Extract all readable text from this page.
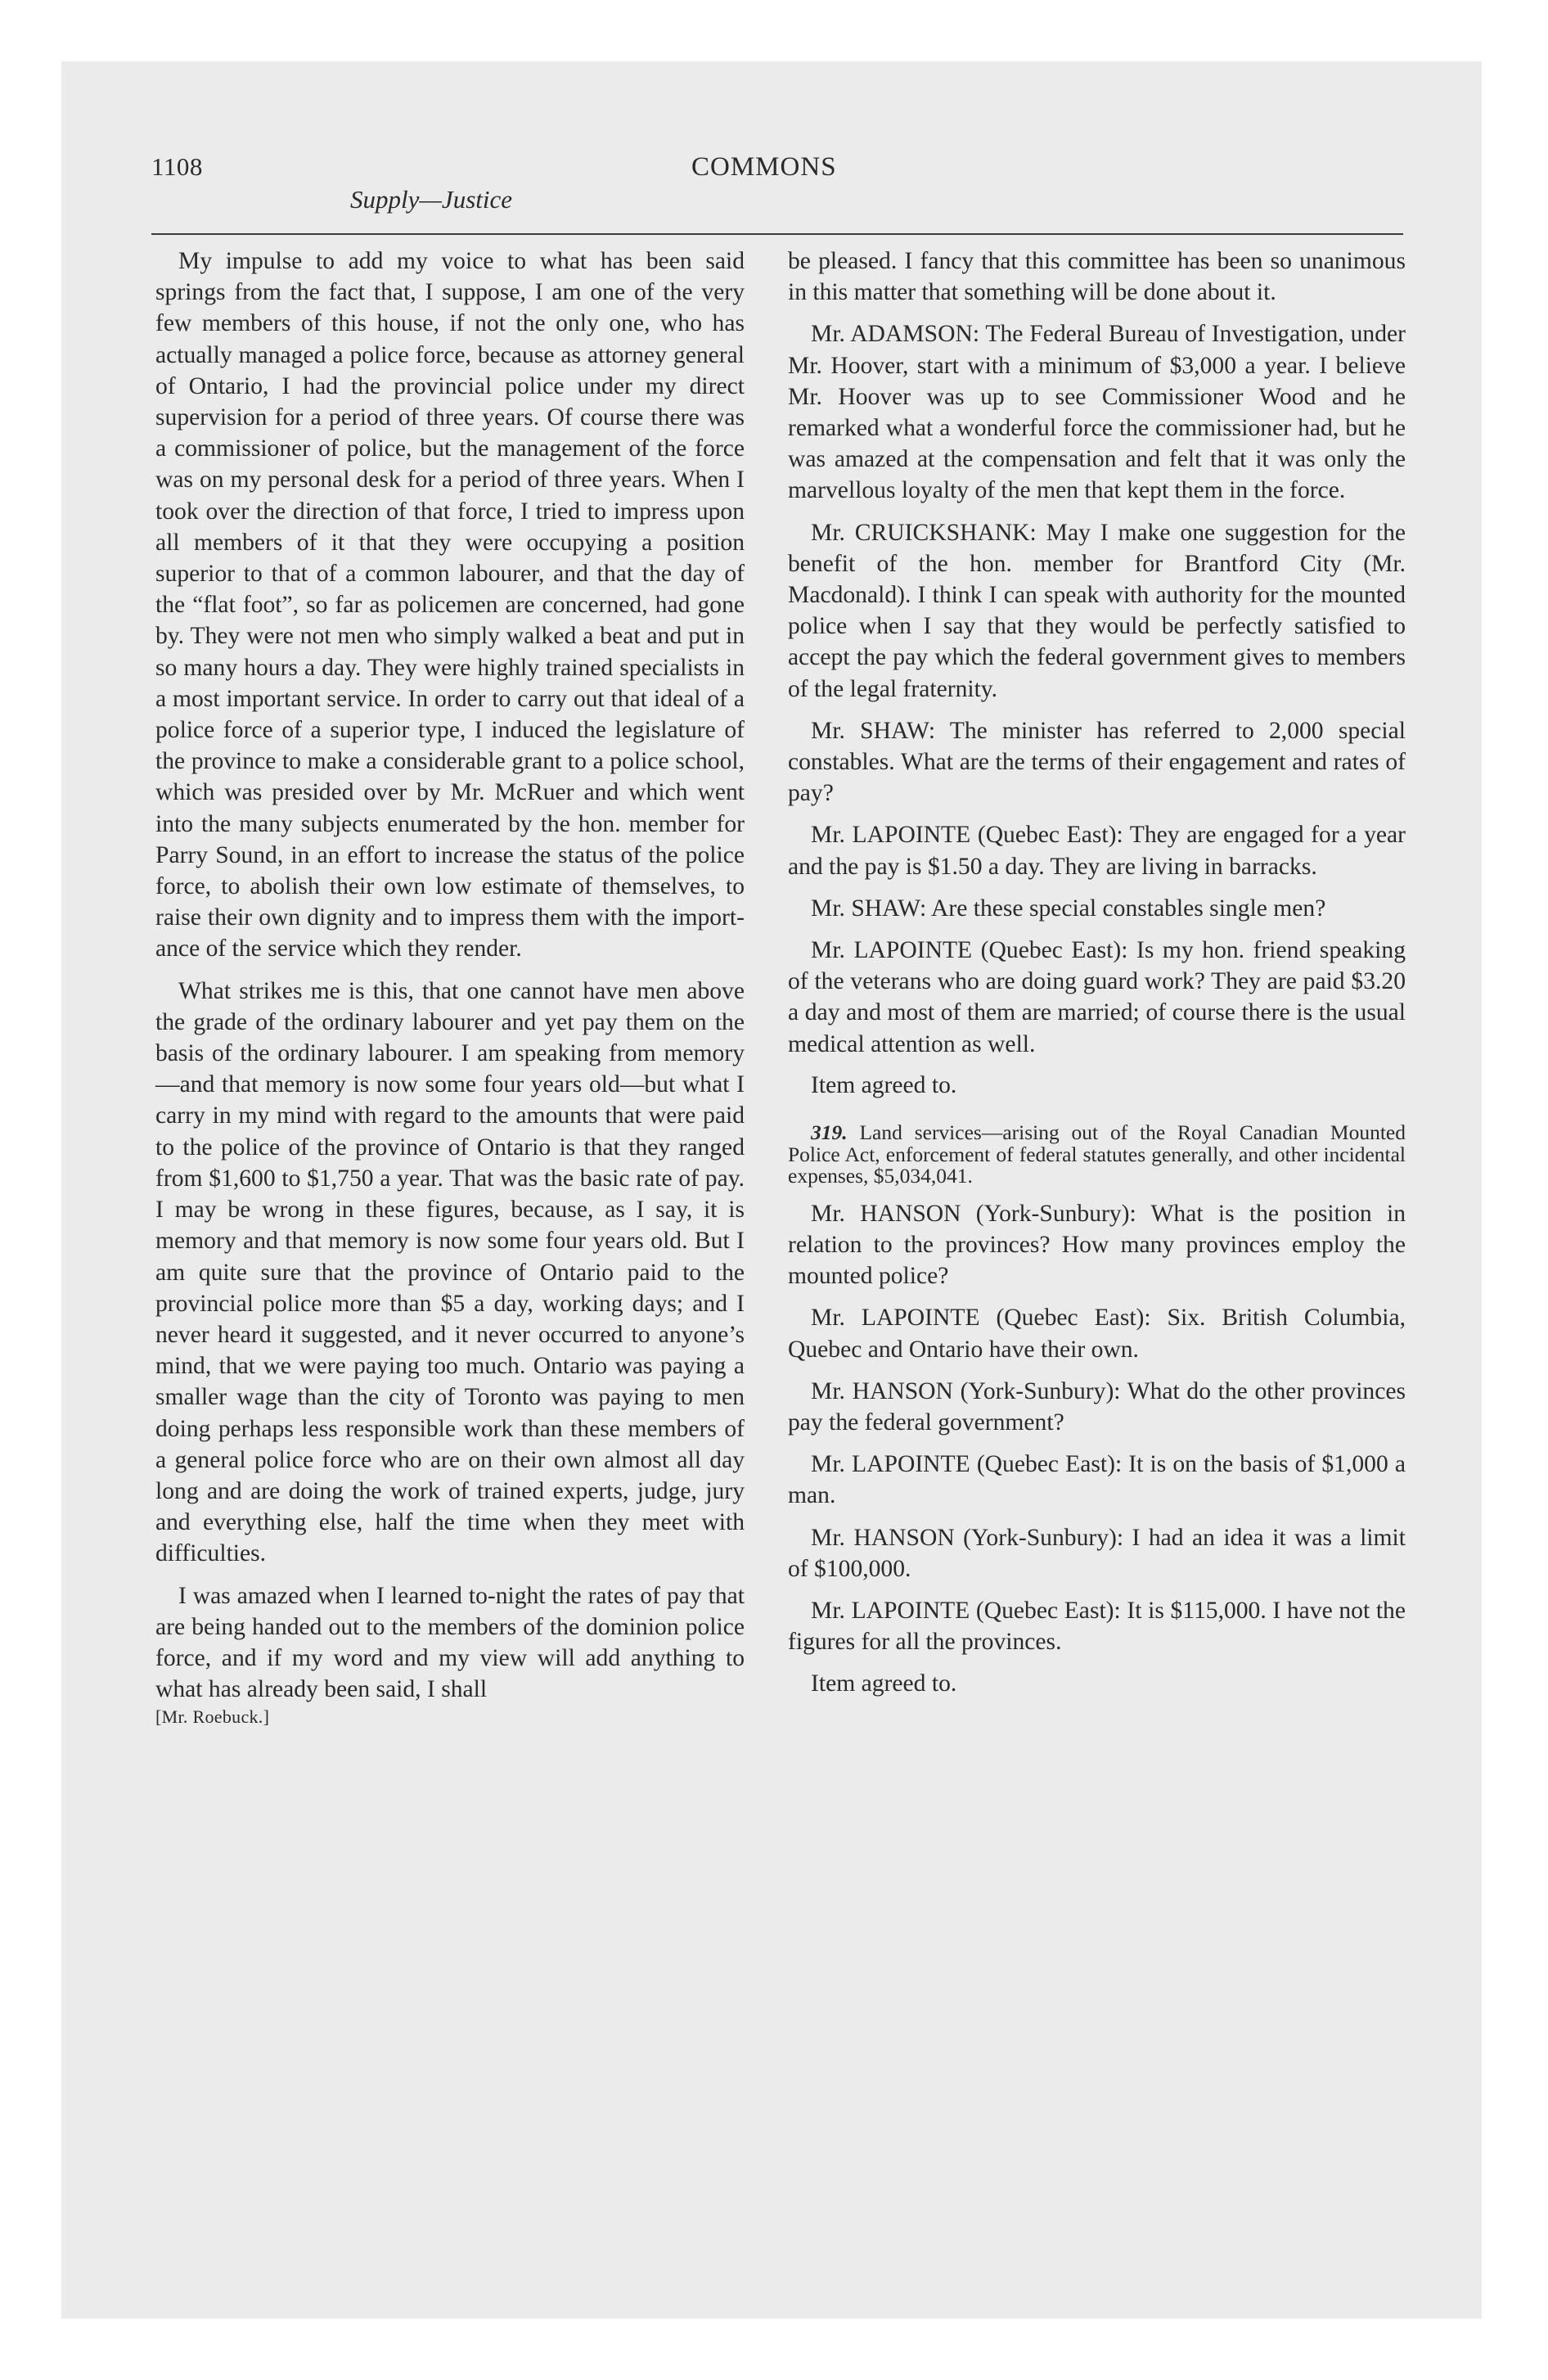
1108	COMMONS
Supply—Justice

My impulse to add my voice to what has been said springs from the fact that, I suppose, I am one of the very few members of this house, if not the only one, who has actually managed a police force, because as attorney general of Ontario, I had the provincial police under my direct supervision for a period of three years. Of course there was a commissioner of police, but the management of the force was on my personal desk for a period of three years. When I took over the direction of that force, I tried to impress upon all members of it that they were occupying a position superior to that of a common labourer, and that the day of the “flat foot”, so far as policemen are concerned, had gone by. They were not men who simply walked a beat and put in so many hours a day. They were highly trained specialists in a most important service. In order to carry out that ideal of a police force of a superior type, I induced the legislature of the province to make a considerable grant to a police school, which was presided over by Mr. McRuer and which went into the many subjects enumerated by the hon. member for Parry Sound, in an effort to increase the status of the police force, to abolish their own low estimate of themselves, to raise their own dignity and to impress them with the importance of the service which they render.

What strikes me is this, that one cannot have men above the grade of the ordinary labourer and yet pay them on the basis of the ordinary labourer. I am speaking from memory—and that memory is now some four years old—but what I carry in my mind with regard to the amounts that were paid to the police of the province of Ontario is that they ranged from $1,600 to $1,750 a year. That was the basic rate of pay. I may be wrong in these figures, because, as I say, it is memory and that memory is now some four years old. But I am quite sure that the province of Ontario paid to the provincial police more than $5 a day, working days; and I never heard it suggested, and it never occurred to anyone’s mind, that we were paying too much. Ontario was paying a smaller wage than the city of Toronto was paying to men doing perhaps less responsible work than these members of a general police force who are on their own almost all day long and are doing the work of trained experts, judge, jury and everything else, half the time when they meet with difficulties.

I was amazed when I learned to-night the rates of pay that are being handed out to the members of the dominion police force, and if my word and my view will add anything to what has already been said, I shall

[Mr. Roebuck.]

be pleased. I fancy that this committee has been so unanimous in this matter that something will be done about it.

Mr. ADAMSON: The Federal Bureau of Investigation, under Mr. Hoover, start with a minimum of $3,000 a year. I believe Mr. Hoover was up to see Commissioner Wood and he remarked what a wonderful force the commissioner had, but he was amazed at the compensation and felt that it was only the marvellous loyalty of the men that kept them in the force.

Mr. CRUICKSHANK: May I make one suggestion for the benefit of the hon. member for Brantford City (Mr. Macdonald). I think I can speak with authority for the mounted police when I say that they would be perfectly satisfied to accept the pay which the federal government gives to members of the legal fraternity.

Mr. SHAW: The minister has referred to 2,000 special constables. What are the terms of their engagement and rates of pay?

Mr. LAPOINTE (Quebec East): They are engaged for a year and the pay is $1.50 a day. They are living in barracks.

Mr. SHAW: Are these special constables single men?

Mr. LAPOINTE (Quebec East): Is my hon. friend speaking of the veterans who are doing guard work? They are paid $3.20 a day and most of them are married; of course there is the usual medical attention as well.

Item agreed to.

319. Land services—arising out of the Royal Canadian Mounted Police Act, enforcement of federal statutes generally, and other incidental expenses, $5,034,041.

Mr. HANSON (York-Sunbury): What is the position in relation to the provinces? How many provinces employ the mounted police?

Mr. LAPOINTE (Quebec East): Six. British Columbia, Quebec and Ontario have their own.

Mr. HANSON (York-Sunbury): What do the other provinces pay the federal government?

Mr. LAPOINTE (Quebec East): It is on the basis of $1,000 a man.

Mr. HANSON (York-Sunbury): I had an idea it was a limit of $100,000.

Mr. LAPOINTE (Quebec East): It is $115,000. I have not the figures for all the provinces.

Item agreed to.
